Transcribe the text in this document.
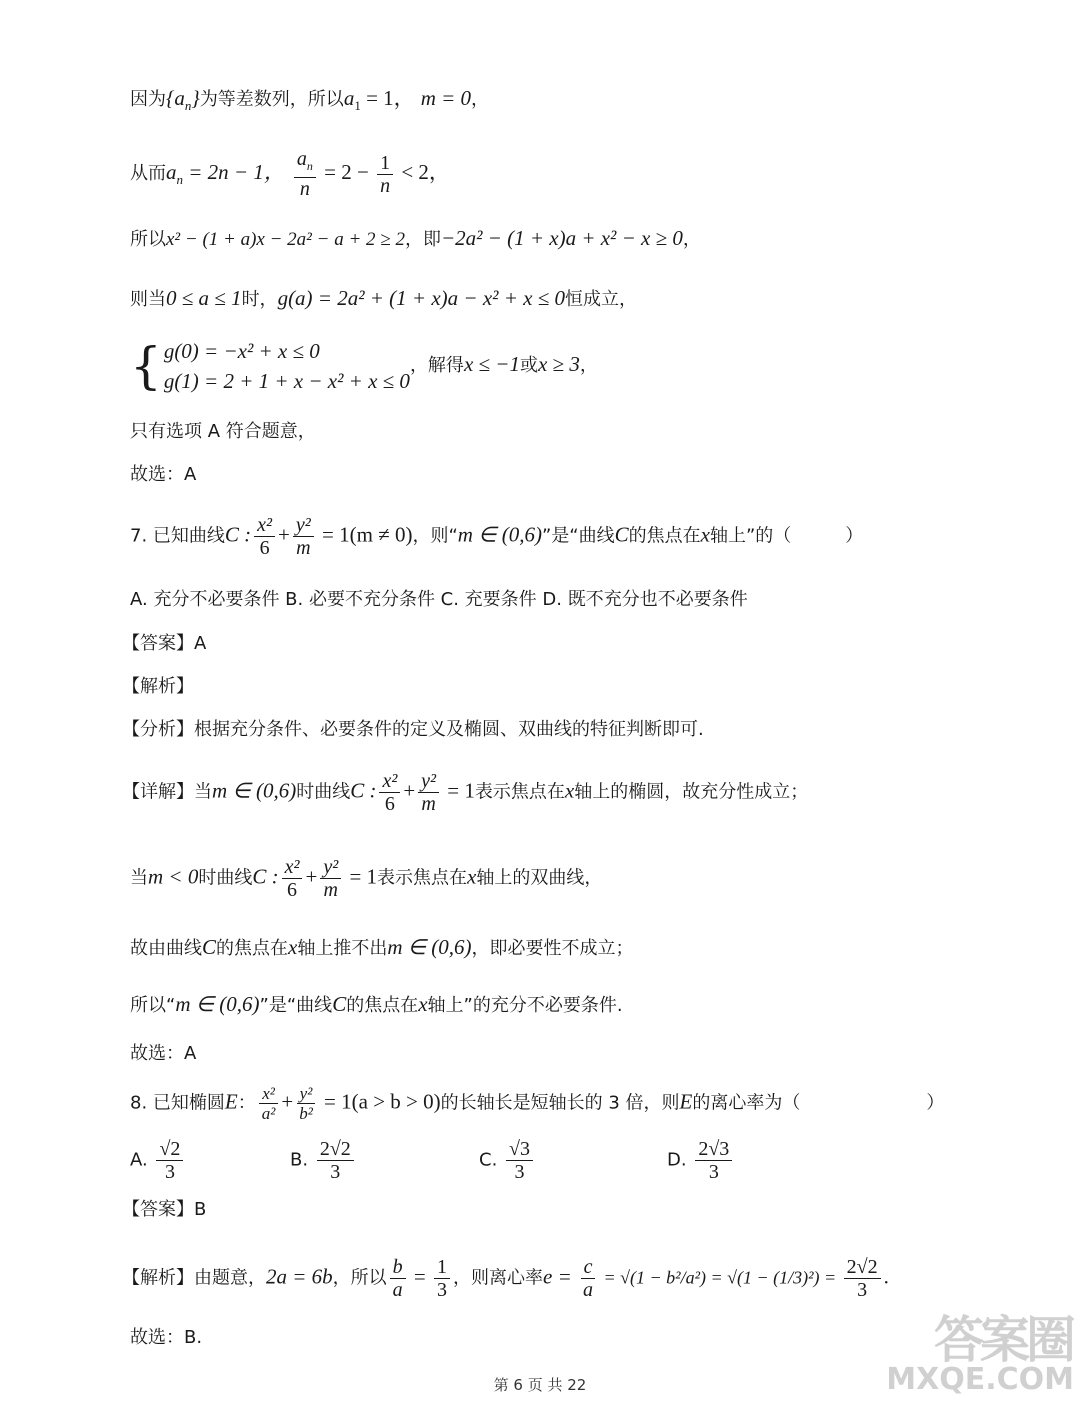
因为$\{a_n\}$为等差数列，所以$a_1 = 1$， m = 0，
从而$a_n = 2n - 1$， $\frac{a_n}{n} = 2 - \frac{1}{n} < 2$，
所以x² − (1 + a)x − 2a² − a + 2 ≥ 2，即−2a² − (1 + x)a + x² − x ≥ 0，
则当0 ≤ a ≤ 1时，g(a) = 2a² + (1 + x)a − x² + x ≤ 0恒成立，
{ g(0) = −x² + x ≤ 0
g(1) = 2 + 1 + x − x² + x ≤ 0
，解得x ≤ −1或x ≥ 3，
只有选项 A 符合题意，
故选：A
7. 已知曲线C : $\frac{\text{x²}}{6} + \frac{\text{y²}}{m} = 1(m \ne 0)$，则“m ∈ (0,6)”是“曲线C的焦点在x轴上”的（　　　）
A. 充分不必要条件 B. 必要不充分条件 C. 充要条件 D. 既不充分也不必要条件
【答案】A
【解析】
【分析】根据充分条件、必要条件的定义及椭圆、双曲线的特征判断即可.
【详解】当m ∈ (0,6)时曲线C : $\frac{\text{x²}}{6} + \frac{\text{y²}}{m} = 1$表示焦点在x轴上的椭圆，故充分性成立；
当m < 0时曲线C : $\frac{\text{x²}}{6} + \frac{\text{y²}}{m} = 1$表示焦点在x轴上的双曲线，
故由曲线C的焦点在x轴上推不出m ∈ (0,6)，即必要性不成立；
所以“m ∈ (0,6)”是“曲线C的焦点在x轴上”的充分不必要条件.
故选：A
8. 已知椭圆E： $\frac{\text{x²}}{\text{a²}} + \frac{\text{y²}}{\text{b²}} = 1(a > b > 0)$的长轴长是短轴长的 3 倍，则E的离心率为（　　　　　　　）
A. $\frac{√2}{3}$	B. $\frac{2√2}{3}$	C. $\frac{√3}{3}$	D. $\frac{2√3}{3}$
【答案】B
【解析】由题意，2a = 6b，所以 $\frac{b}{a} = \frac{1}{3}$ ，则离心率$e = \frac{c}{a} = √(1 - b^2/a^2) = √(1 - (1/3)^2) = \frac{2√2}{3}$ .
故选：B.
第 6 页 共 22
答案圈
MXQE.COM
